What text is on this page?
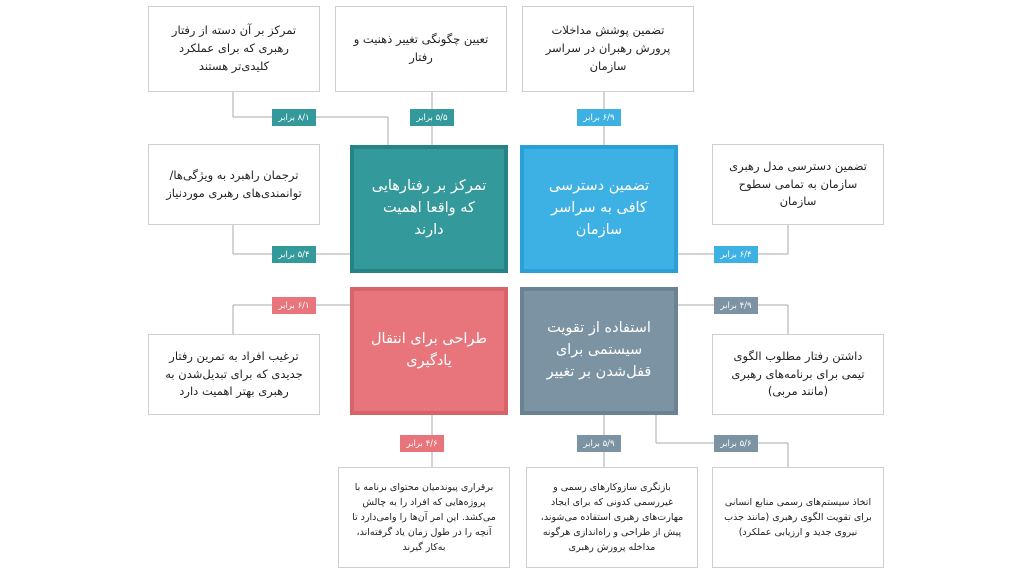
تمرکز بر آن دسته از رفتار رهبری که برای عملکرد کلیدی‌تر هستند
تعیین چگونگی تغییر ذهنیت و رفتار
تضمین پوشش مداخلات پرورش رهبران در سراسر سازمان
ترجمان راهبرد به ویژگی‌ها/توانمندی‌های رهبری موردنیاز
تضمین دسترسی مدل رهبری سازمان به تمامی سطوح سازمان
ترغیب افراد به تمرین رفتار جدیدی که برای تبدیل‌شدن به رهبری بهتر اهمیت دارد
داشتن رفتار مطلوب الگوی تیمی برای برنامه‌های رهبری (مانند مربی)
برقراری پیوندمیان محتوای برنامه با پروژه‌هایی که افراد را به چالش می‌کشد. این امر آن‌ها را وامی‌دارد تا آنچه را در طول زمان یاد گرفته‌اند، به‌کار گیرند
بازنگری سازوکارهای رسمی و غیررسمی کدونی که برای ایجاد مهارت‌های رهبری استفاده می‌شوند، پیش از طراحی و راه‌اندازی هرگونه مداخله پرورش رهبری
اتخاذ سیستم‌های رسمی منابع انسانی برای تقویت الگوی رهبری (مانند جذب نیروی جدید و ارزیابی عملکرد)
تمرکز بر رفتارهایی که واقعا اهمیت دارند
تضمین دسترسی کافی به سراسر سازمان
طراحی برای انتقال یادگیری
استفاده از تقویت سیستمی برای قفل‌شدن بر تغییر
۸/۱ برابر	۵/۵ برابر	۶/۹ برابر
۵/۴ برابر	۶/۴ برابر
۶/۱ برابر	۴/۹ برابر
۴/۶ برابر	۵/۹ برابر	۵/۶ برابر
